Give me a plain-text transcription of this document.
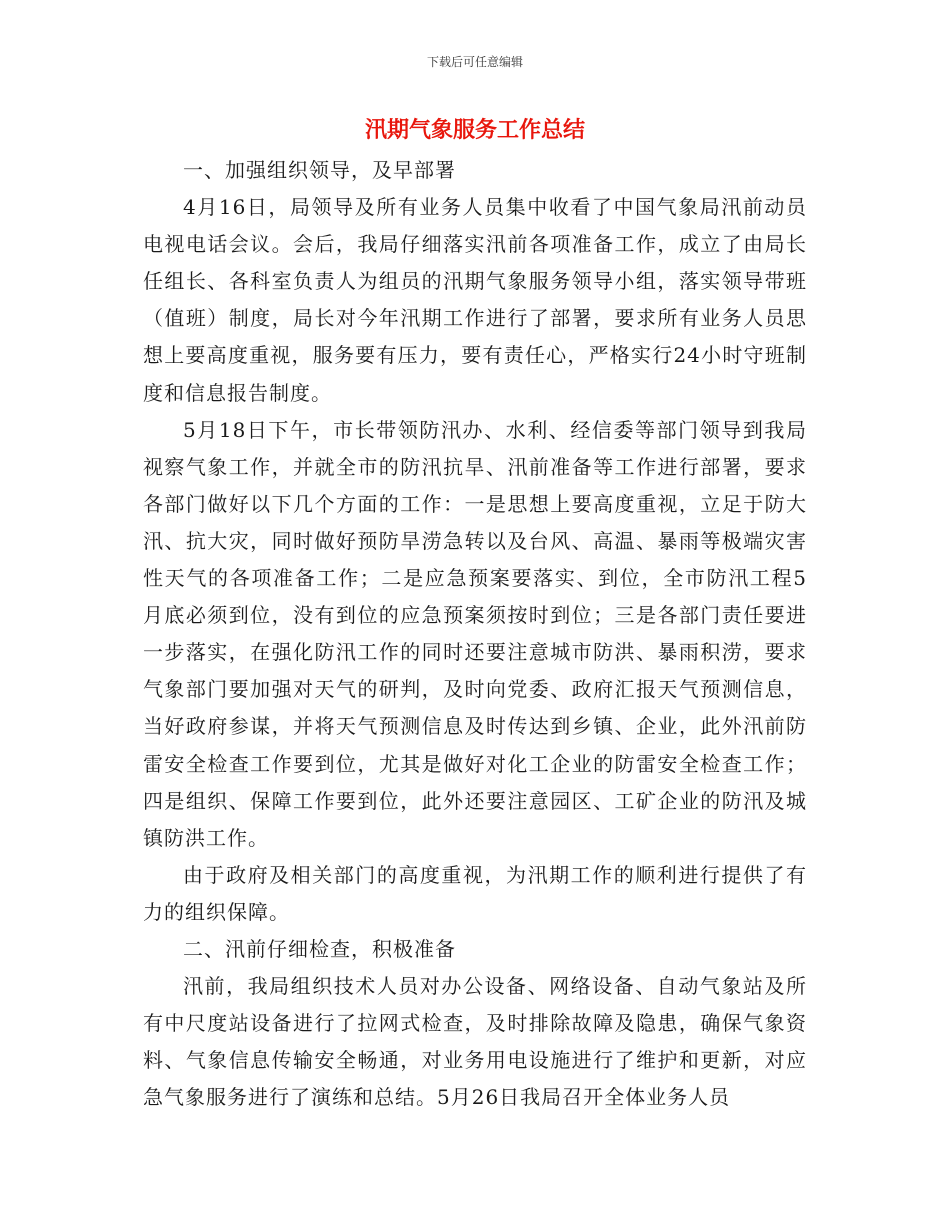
下载后可任意编辑
汛期气象服务工作总结

一、加强组织领导，及早部署

4月16日，局领导及所有业务人员集中收看了中国气象局汛前动员电视电话会议。会后，我局仔细落实汛前各项准备工作，成立了由局长任组长、各科室负责人为组员的汛期气象服务领导小组，落实领导带班（值班）制度，局长对今年汛期工作进行了部署，要求所有业务人员思想上要高度重视，服务要有压力，要有责任心，严格实行24小时守班制度和信息报告制度。

5月18日下午，市长带领防汛办、水利、经信委等部门领导到我局视察气象工作，并就全市的防汛抗旱、汛前准备等工作进行部署，要求各部门做好以下几个方面的工作：一是思想上要高度重视，立足于防大汛、抗大灾，同时做好预防旱涝急转以及台风、高温、暴雨等极端灾害性天气的各项准备工作；二是应急预案要落实、到位，全市防汛工程5月底必须到位，没有到位的应急预案须按时到位；三是各部门责任要进一步落实，在强化防汛工作的同时还要注意城市防洪、暴雨积涝，要求气象部门要加强对天气的研判，及时向党委、政府汇报天气预测信息，当好政府参谋，并将天气预测信息及时传达到乡镇、企业，此外汛前防雷安全检查工作要到位，尤其是做好对化工企业的防雷安全检查工作；四是组织、保障工作要到位，此外还要注意园区、工矿企业的防汛及城镇防洪工作。

由于政府及相关部门的高度重视，为汛期工作的顺利进行提供了有力的组织保障。

二、汛前仔细检查，积极准备

汛前，我局组织技术人员对办公设备、网络设备、自动气象站及所有中尺度站设备进行了拉网式检查，及时排除故障及隐患，确保气象资料、气象信息传输安全畅通，对业务用电设施进行了维护和更新，对应急气象服务进行了演练和总结。5月26日我局召开全体业务人员
